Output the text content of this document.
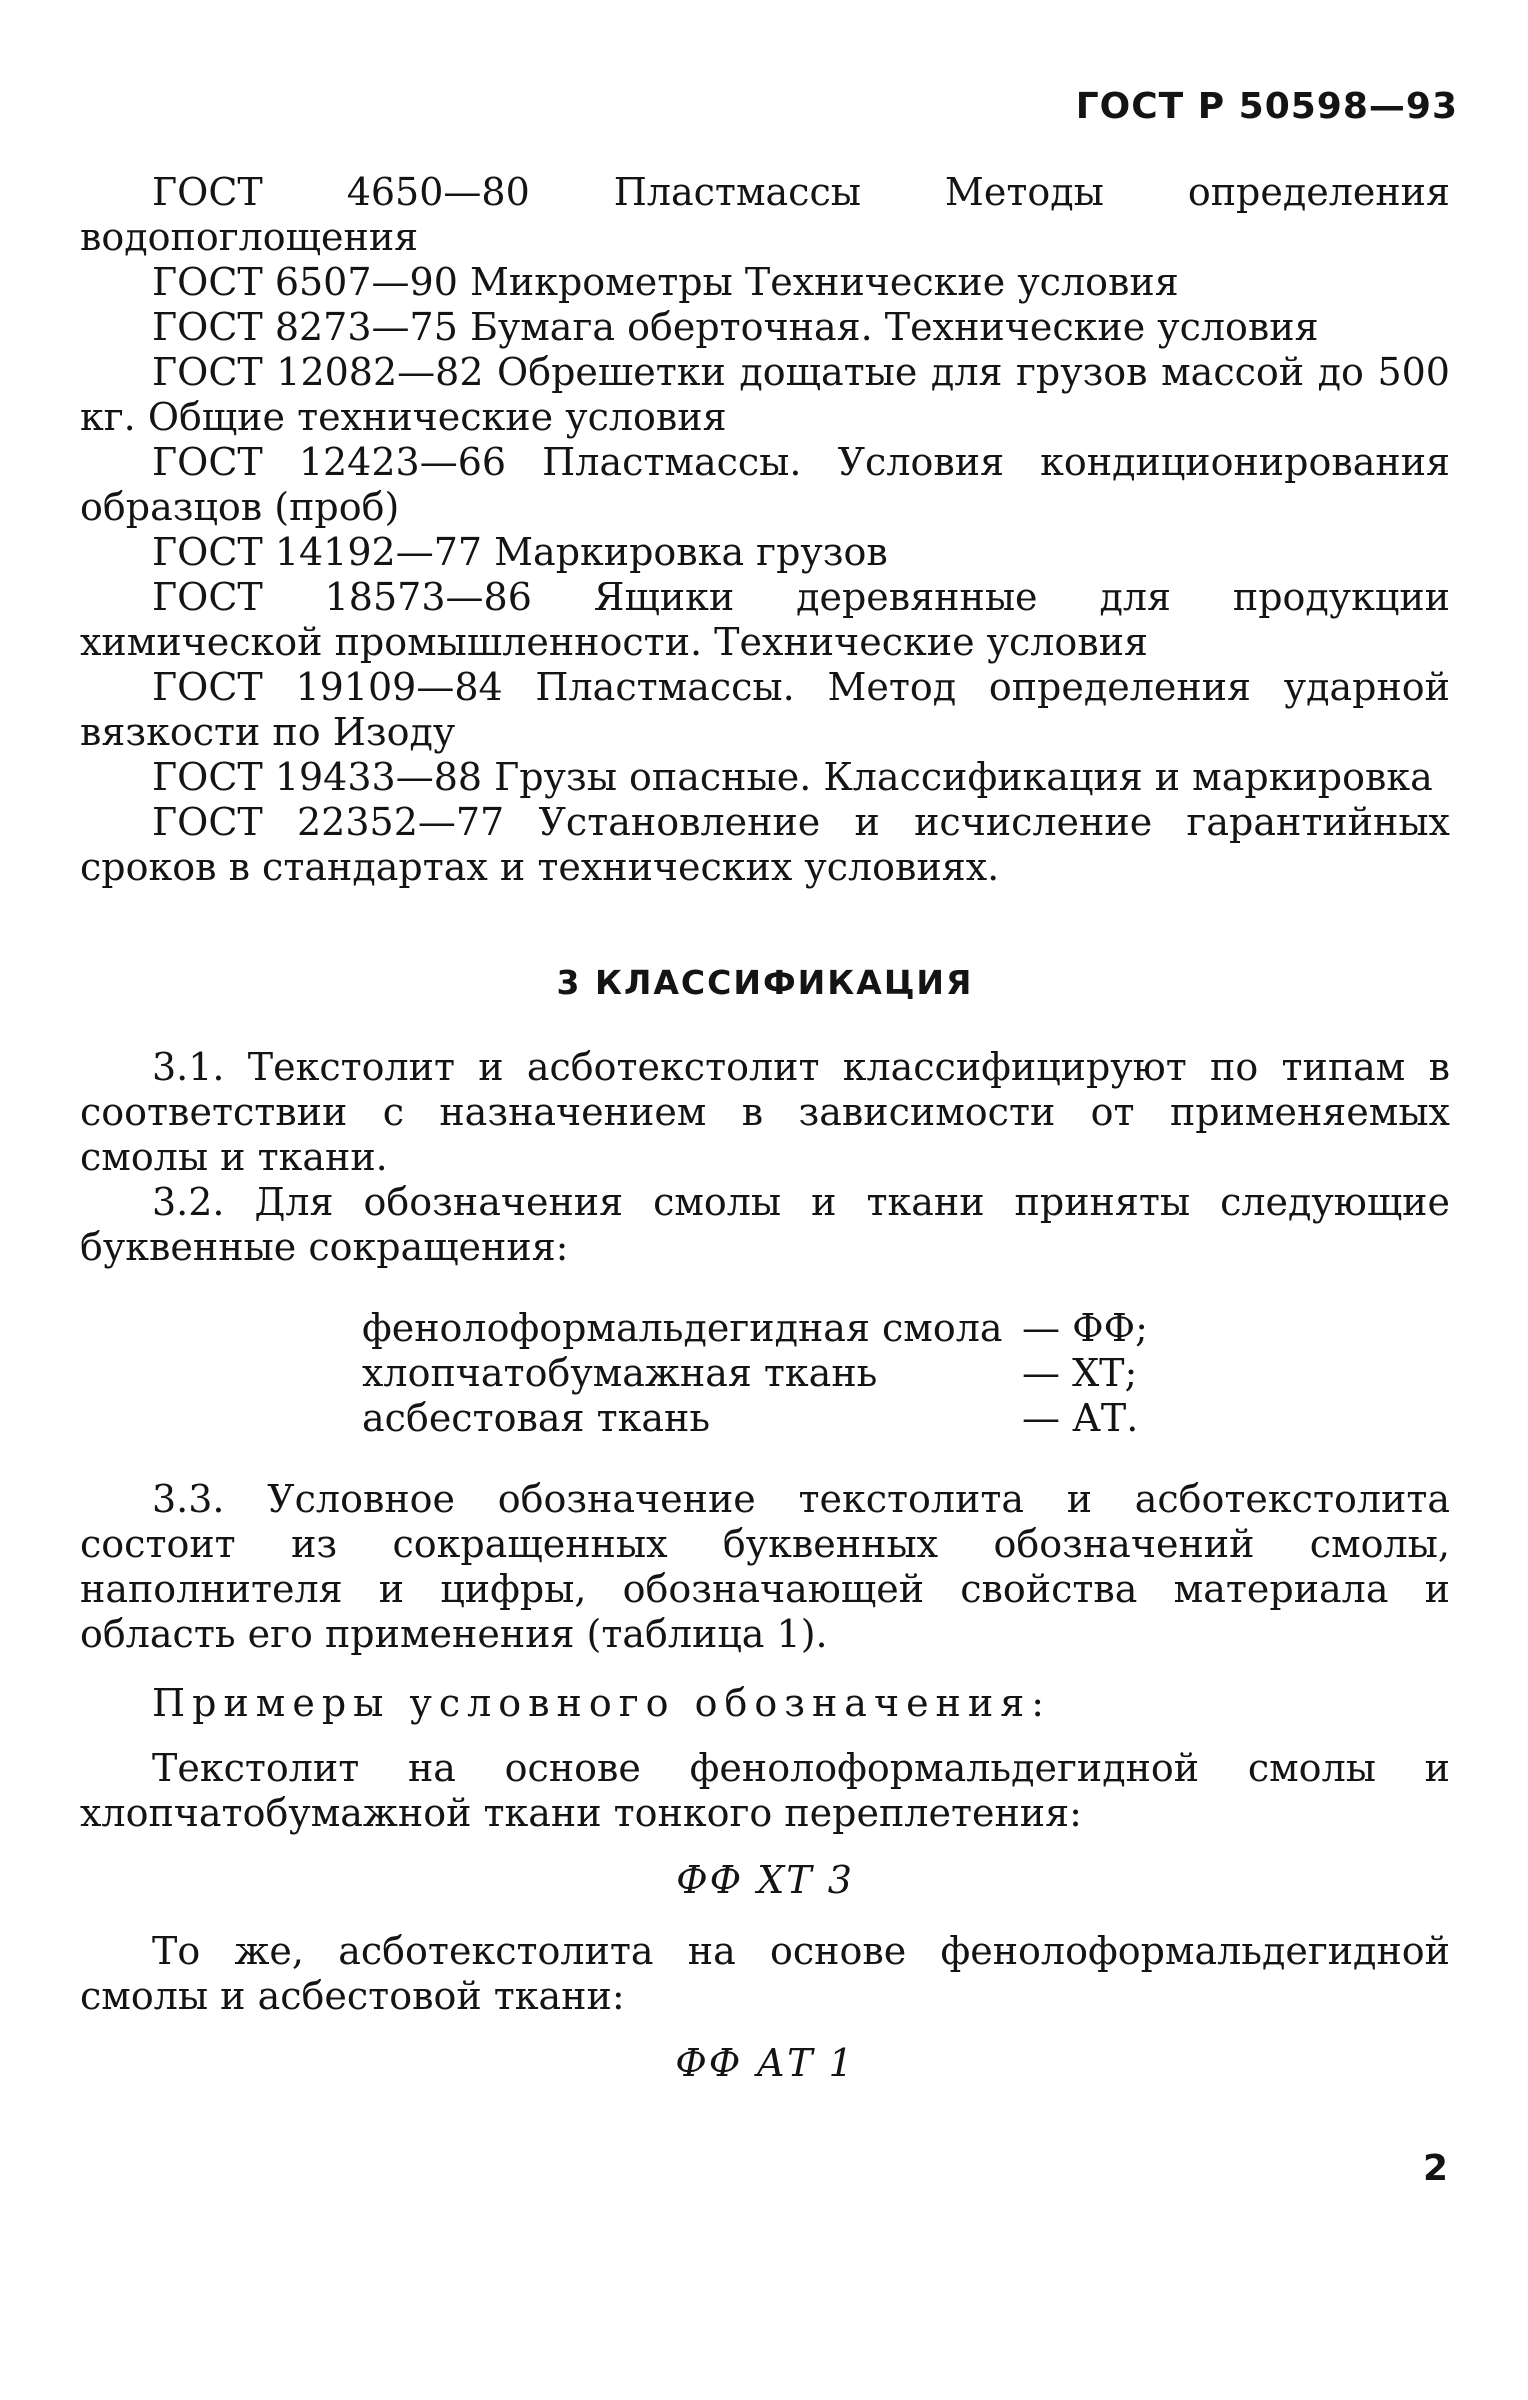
ГОСТ Р 50598—93

ГОСТ 4650—80 Пластмассы Методы определения водопоглощения

ГОСТ 6507—90 Микрометры Технические условия

ГОСТ 8273—75 Бумага оберточная. Технические условия

ГОСТ 12082—82 Обрешетки дощатые для грузов массой до 500 кг. Общие технические условия

ГОСТ 12423—66 Пластмассы. Условия кондиционирования образцов (проб)

ГОСТ 14192—77 Маркировка грузов

ГОСТ 18573—86 Ящики деревянные для продукции химической промышленности. Технические условия

ГОСТ 19109—84 Пластмассы. Метод определения ударной вязкости по Изоду

ГОСТ 19433—88 Грузы опасные. Классификация и маркировка

ГОСТ 22352—77 Установление и исчисление гарантийных сроков в стандартах и технических условиях.

3 КЛАССИФИКАЦИЯ

3.1. Текстолит и асботекстолит классифицируют по типам в соответствии с назначением в зависимости от применяемых смолы и ткани.

3.2. Для обозначения смолы и ткани приняты следующие буквенные сокращения:

фенолоформальдегидная смола	— ФФ;
хлопчатобумажная ткань	— ХТ;
асбестовая ткань	— АТ.

3.3. Условное обозначение текстолита и асботекстолита состоит из сокращенных буквенных обозначений смолы, наполнителя и цифры, обозначающей свойства материала и область его применения (таблица 1).

Примеры условного обозначения:

Текстолит на основе фенолоформальдегидной смолы и хлопчатобумажной ткани тонкого переплетения:

ФФ ХТ 3

То же, асботекстолита на основе фенолоформальдегидной смолы и асбестовой ткани:

ФФ АТ 1
2
